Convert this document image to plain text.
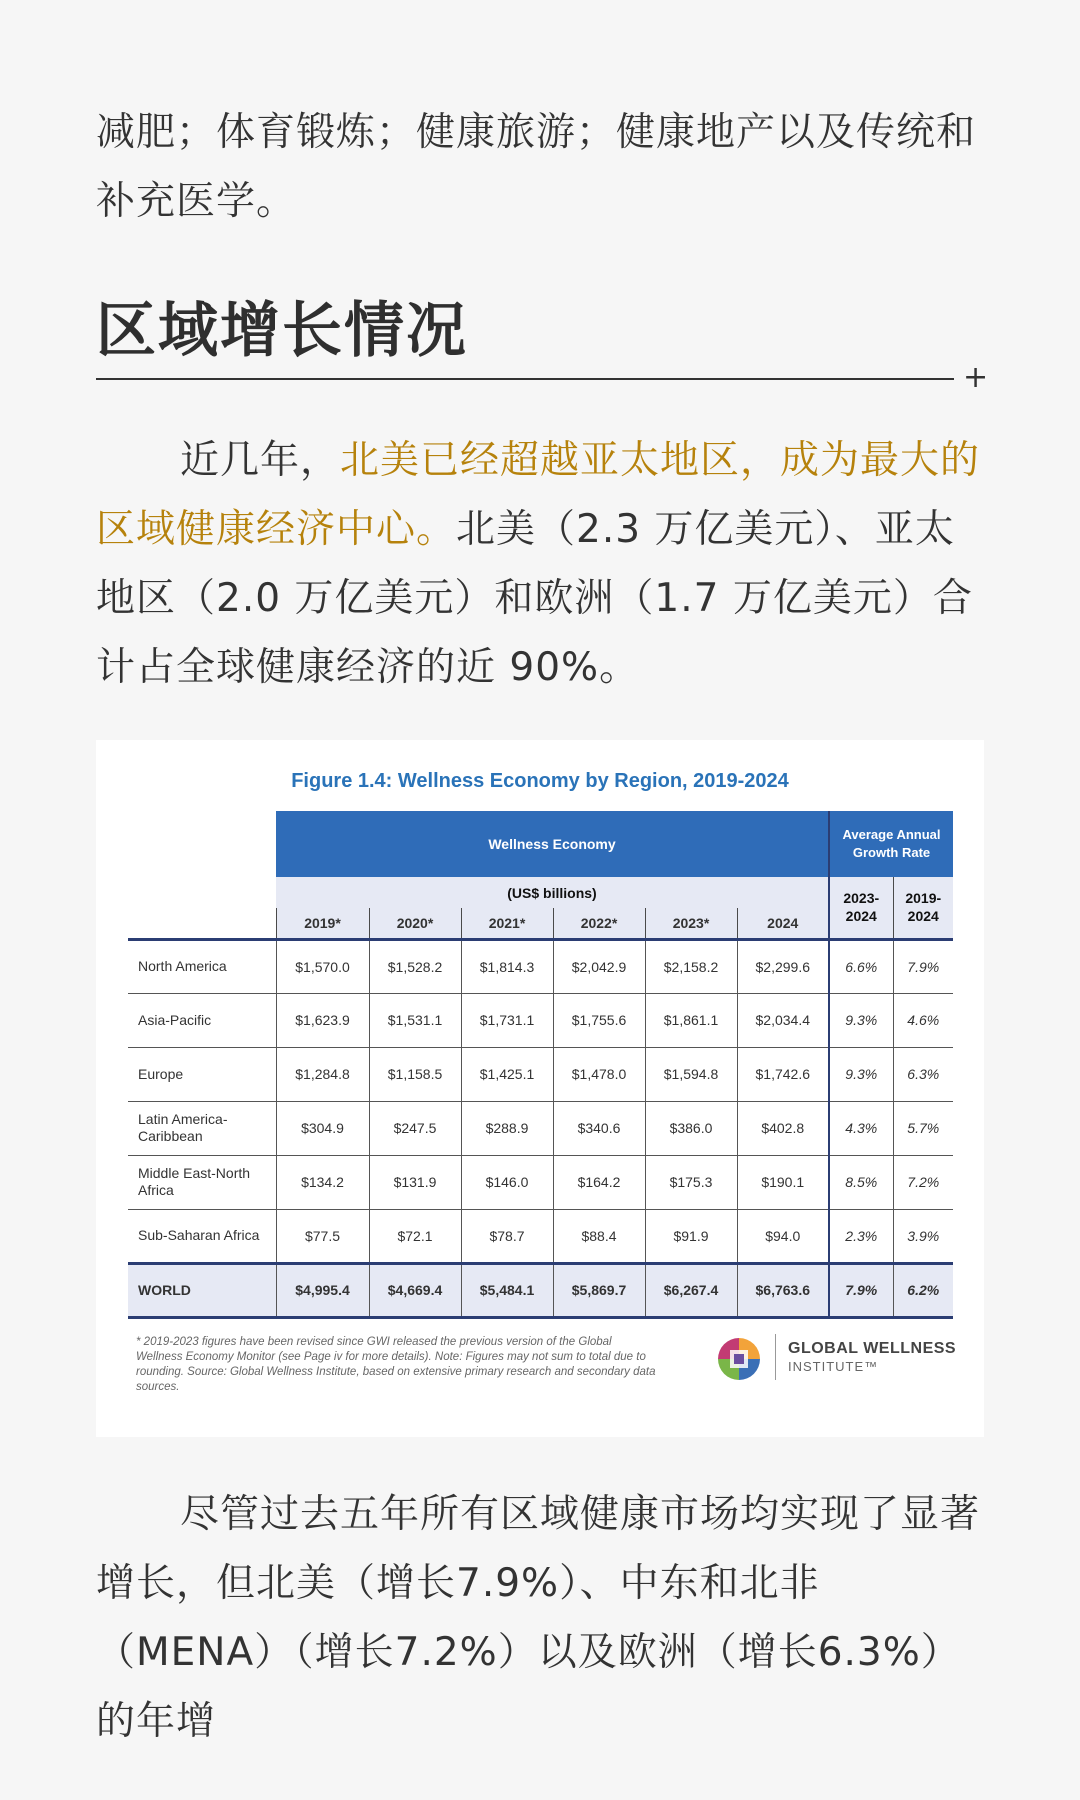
减肥；体育锻炼；健康旅游；健康地产以及传统和补充医学。

区域增长情况
+

近几年，北美已经超越亚太地区，成为最大的区域健康经济中心。北美（2.3 万亿美元）、亚太地区（2.0 万亿美元）和欧洲（1.7 万亿美元）合计占全球健康经济的近 90%。

Figure 1.4: Wellness Economy by Region, 2019-2024
	Wellness Economy						Average Annual Growth Rate	
	(US$ billions)						2023-2024	2019-2024
	2019*	2020*	2021*	2022*	2023*	2024		
North America	$1,570.0	$1,528.2	$1,814.3	$2,042.9	$2,158.2	$2,299.6	6.6%	7.9%
Asia-Pacific	$1,623.9	$1,531.1	$1,731.1	$1,755.6	$1,861.1	$2,034.4	9.3%	4.6%
Europe	$1,284.8	$1,158.5	$1,425.1	$1,478.0	$1,594.8	$1,742.6	9.3%	6.3%
Latin America-Caribbean	$304.9	$247.5	$288.9	$340.6	$386.0	$402.8	4.3%	5.7%
Middle East-North Africa	$134.2	$131.9	$146.0	$164.2	$175.3	$190.1	8.5%	7.2%
Sub-Saharan Africa	$77.5	$72.1	$78.7	$88.4	$91.9	$94.0	2.3%	3.9%
WORLD	$4,995.4	$4,669.4	$5,484.1	$5,869.7	$6,267.4	$6,763.6	7.9%	6.2%
* 2019-2023 figures have been revised since GWI released the previous version of the Global Wellness Economy Monitor (see Page iv for more details). Note: Figures may not sum to total due to rounding. Source: Global Wellness Institute, based on extensive primary research and secondary data sources.
GLOBAL WELLNESS
INSTITUTE™

尽管过去五年所有区域健康市场均实现了显著增长，但北美（增长7.9%）、中东和北非（MENA）（增长7.2%）以及欧洲（增长6.3%）的年增
